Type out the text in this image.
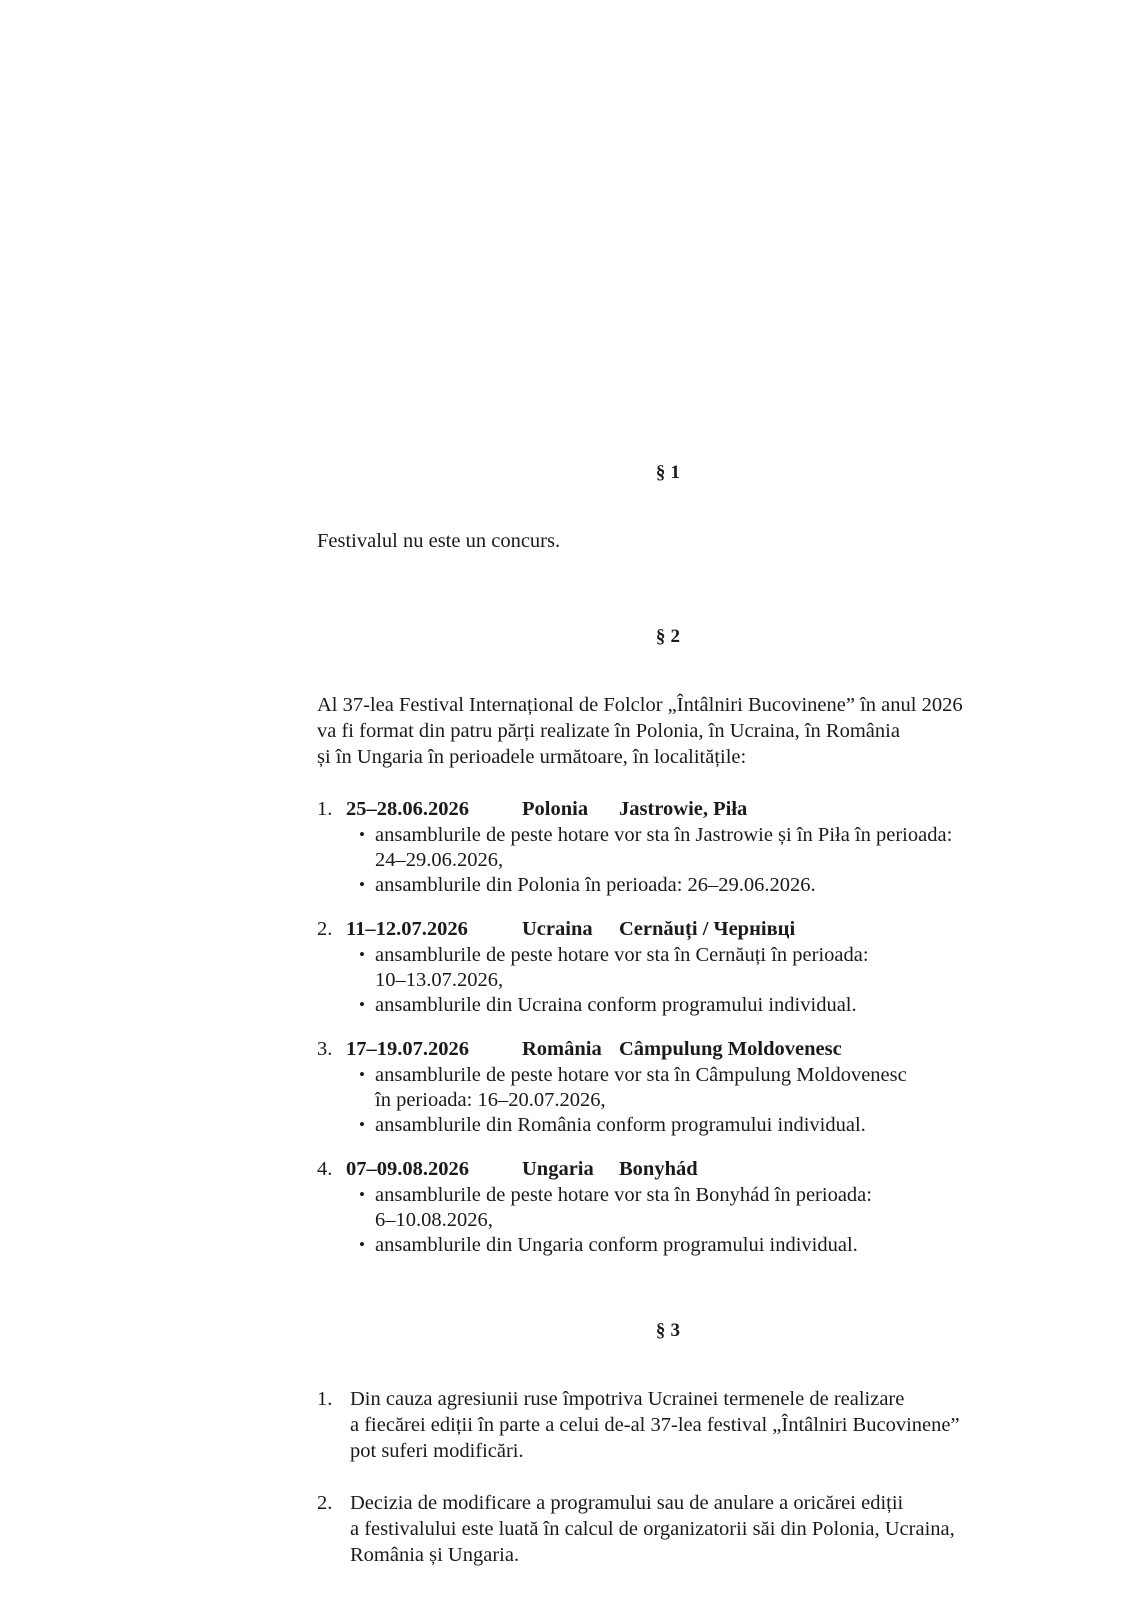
§ 1

Festivalul nu este un concurs.

§ 2

Al 37-lea Festival Internațional de Folclor „Întâlniri Bucovinene” în anul 2026
va fi format din patru părți realizate în Polonia, în Ucraina, în România
și în Ungaria în perioadele următoare, în localitățile:

1. 25–28.06.2026	Polonia Jastrowie, Piła
• ansamblurile de peste hotare vor sta în Jastrowie și în Piła în perioada:
24–29.06.2026,
• ansamblurile din Polonia în perioada: 26–29.06.2026.
2. 11–12.07.2026	Ucraina Cernăuți / Чернівці
• ansamblurile de peste hotare vor sta în Cernăuți în perioada:
10–13.07.2026,
• ansamblurile din Ucraina conform programului individual.
3. 17–19.07.2026	România Câmpulung Moldovenesc
• ansamblurile de peste hotare vor sta în Câmpulung Moldovenesc
în perioada: 16–20.07.2026,
• ansamblurile din România conform programului individual.
4. 07–09.08.2026	Ungaria Bonyhád
• ansamblurile de peste hotare vor sta în Bonyhád în perioada:
6–10.08.2026,
• ansamblurile din Ungaria conform programului individual.
§ 3
1. Din cauza agresiunii ruse împotriva Ucrainei termenele de realizare
a fiecărei ediții în parte a celui de-al 37-lea festival „Întâlniri Bucovinene”
pot suferi modificări.
2. Decizia de modificare a programului sau de anulare a oricărei ediții
a festivalului este luată în calcul de organizatorii săi din Polonia, Ucraina,
România și Ungaria.
